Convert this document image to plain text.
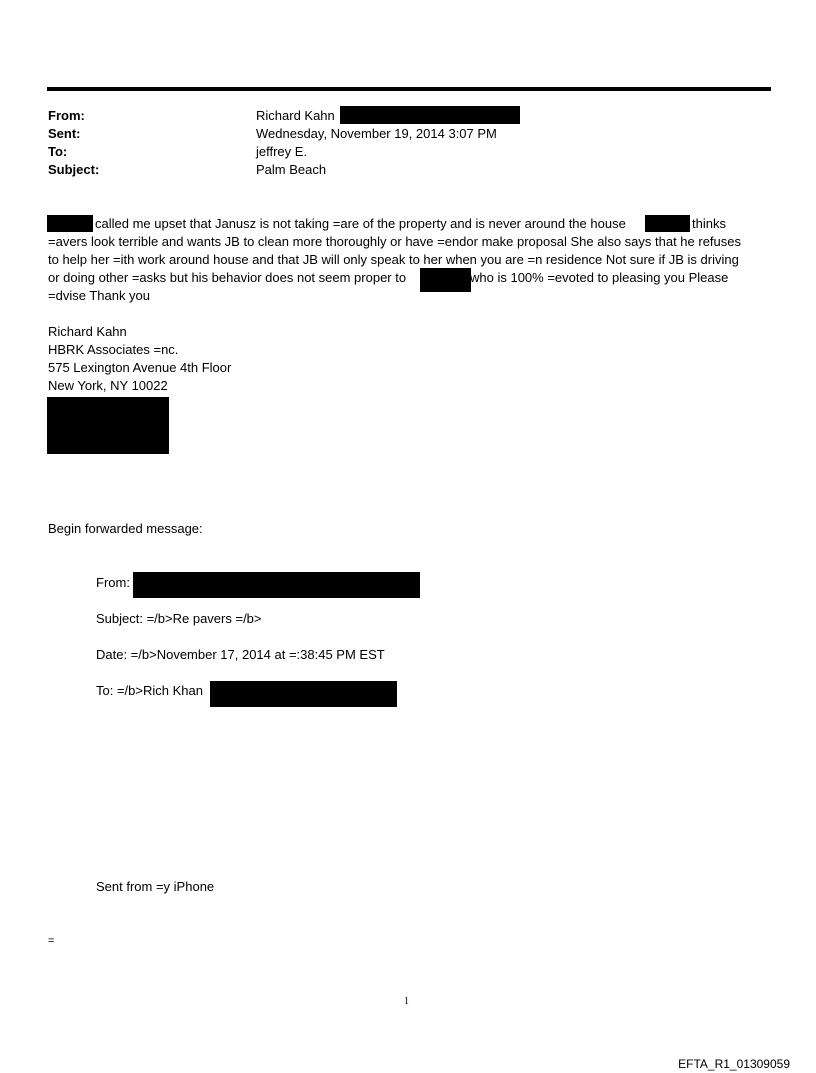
From:	Richard Kahn
Sent:	Wednesday, November 19, 2014 3:07 PM
To:	jeffrey E.
Subject:	Palm Beach
called me upset that Janusz is not taking =are of the property and is never around the house	thinks
=avers look terrible and wants JB to clean more thoroughly or have =endor make proposal She also says that he refuses
to help her =ith work around house and that JB will only speak to her when you are =n residence Not sure if JB is driving
or doing other =asks but his behavior does not seem proper to	who is 100% =evoted to pleasing you Please
=dvise Thank you
Richard Kahn
HBRK Associates =nc.
575 Lexington Avenue 4th Floor
New York, NY 10022
Begin forwarded message:
From:
Subject: =/b>Re pavers =/b>
Date: =/b>November 17, 2014 at =:38:45 PM EST
To: =/b>Rich Khan
Sent from =y iPhone
=
1
EFTA_R1_01309059
